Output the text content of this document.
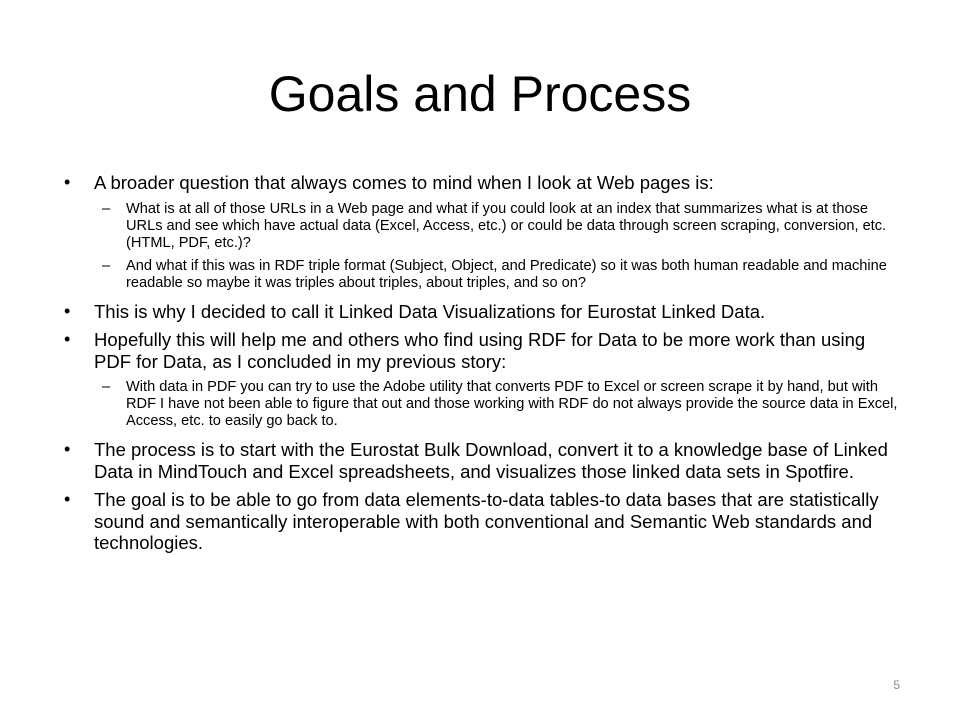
Goals and Process
• A broader question that always comes to mind when I look at Web pages is:
– What is at all of those URLs in a Web page and what if you could look at an index that summarizes what is at those URLs and see which have actual data (Excel, Access, etc.) or could be data through screen scraping, conversion, etc. (HTML, PDF, etc.)?
– And what if this was in RDF triple format (Subject, Object, and Predicate) so it was both human readable and machine readable so maybe it was triples about triples, about triples, and so on?
• This is why I decided to call it Linked Data Visualizations for Eurostat Linked Data.
• Hopefully this will help me and others who find using RDF for Data to be more work than using PDF for Data, as I concluded in my previous story:
– With data in PDF you can try to use the Adobe utility that converts PDF to Excel or screen scrape it by hand, but with RDF I have not been able to figure that out and those working with RDF do not always provide the source data in Excel, Access, etc. to easily go back to.
• The process is to start with the Eurostat Bulk Download, convert it to a knowledge base of Linked Data in MindTouch and Excel spreadsheets, and visualizes those linked data sets in Spotfire.
• The goal is to be able to go from data elements-to-data tables-to data bases that are statistically sound and semantically interoperable with both conventional and Semantic Web standards and technologies.
5
